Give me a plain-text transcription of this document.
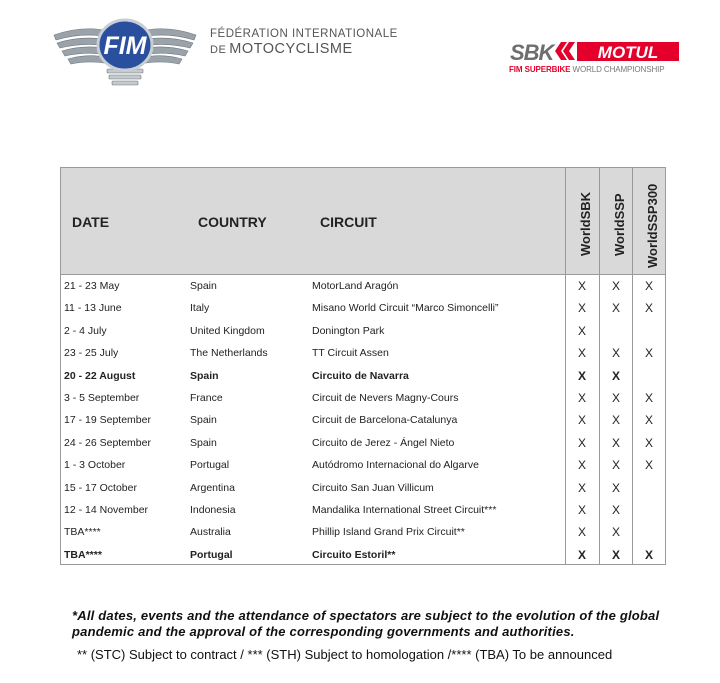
FIM	FÉDÉRATION INTERNATIONALE
DE MOTOCYCLISME	SBK	MOTUL
FIM SUPERBIKE WORLD CHAMPIONSHIP
DATE	COUNTRY	CIRCUIT	WorldSBK WorldSSP WorldSSP300
21 - 23 May	Spain	MotorLand Aragón	X	X	X
11 - 13 June	Italy	Misano World Circuit “Marco Simoncelli”	X	X	X
2 - 4 July	United Kingdom	Donington Park	X
23 - 25 July	The Netherlands	TT Circuit Assen	X	X	X
20 - 22 August	Spain	Circuito de Navarra	X	X
3 - 5 September	France	Circuit de Nevers Magny-Cours	X	X	X
17 - 19 September	Spain	Circuit de Barcelona-Catalunya	X	X	X
24 - 26 September	Spain	Circuito de Jerez - Ángel Nieto	X	X	X
1 - 3 October	Portugal	Autódromo Internacional do Algarve	X	X	X
15 - 17 October	Argentina	Circuito San Juan Villicum	X	X
12 - 14 November	Indonesia	Mandalika International Street Circuit***	X	X
TBA****	Australia	Phillip Island Grand Prix Circuit**	X	X
TBA****	Portugal	Circuito Estoril**	X	X	X
*All dates, events and the attendance of spectators are subject to the evolution of the global pandemic and the approval of the corresponding governments and authorities.
** (STC) Subject to contract / *** (STH) Subject to homologation /**** (TBA) To be announced
